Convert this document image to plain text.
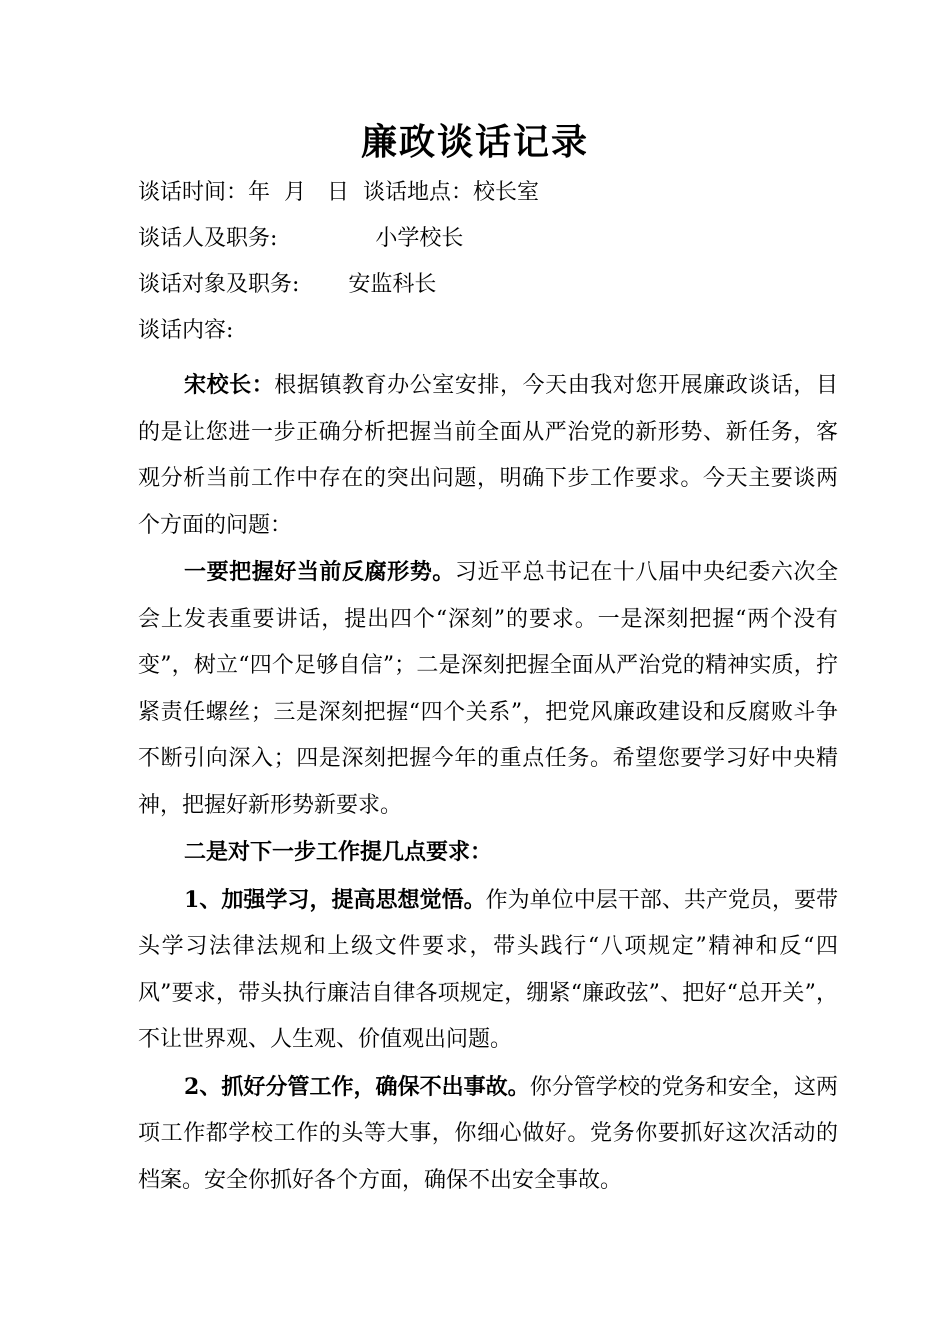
廉政谈话记录
谈话时间：年  月   日  谈话地点：校长室
谈话人及职务:              小学校长
谈话对象及职务:       安监科长
谈话内容:

宋校长：根据镇教育办公室安排，今天由我对您开展廉政谈话，目的是让您进一步正确分析把握当前全面从严治党的新形势、新任务，客观分析当前工作中存在的突出问题，明确下步工作要求。今天主要谈两个方面的问题：

一要把握好当前反腐形势。习近平总书记在十八届中央纪委六次全会上发表重要讲话，提出四个“深刻”的要求。一是深刻把握“两个没有变”，树立“四个足够自信”；二是深刻把握全面从严治党的精神实质，拧紧责任螺丝；三是深刻把握“四个关系”，把党风廉政建设和反腐败斗争不断引向深入；四是深刻把握今年的重点任务。希望您要学习好中央精神，把握好新形势新要求。

二是对下一步工作提几点要求：

1、加强学习，提高思想觉悟。作为单位中层干部、共产党员，要带头学习法律法规和上级文件要求，带头践行“八项规定”精神和反“四风”要求，带头执行廉洁自律各项规定，绷紧“廉政弦”、把好“总开关”，不让世界观、人生观、价值观出问题。

2、抓好分管工作，确保不出事故。你分管学校的党务和安全，这两项工作都学校工作的头等大事，你细心做好。党务你要抓好这次活动的档案。安全你抓好各个方面，确保不出安全事故。
